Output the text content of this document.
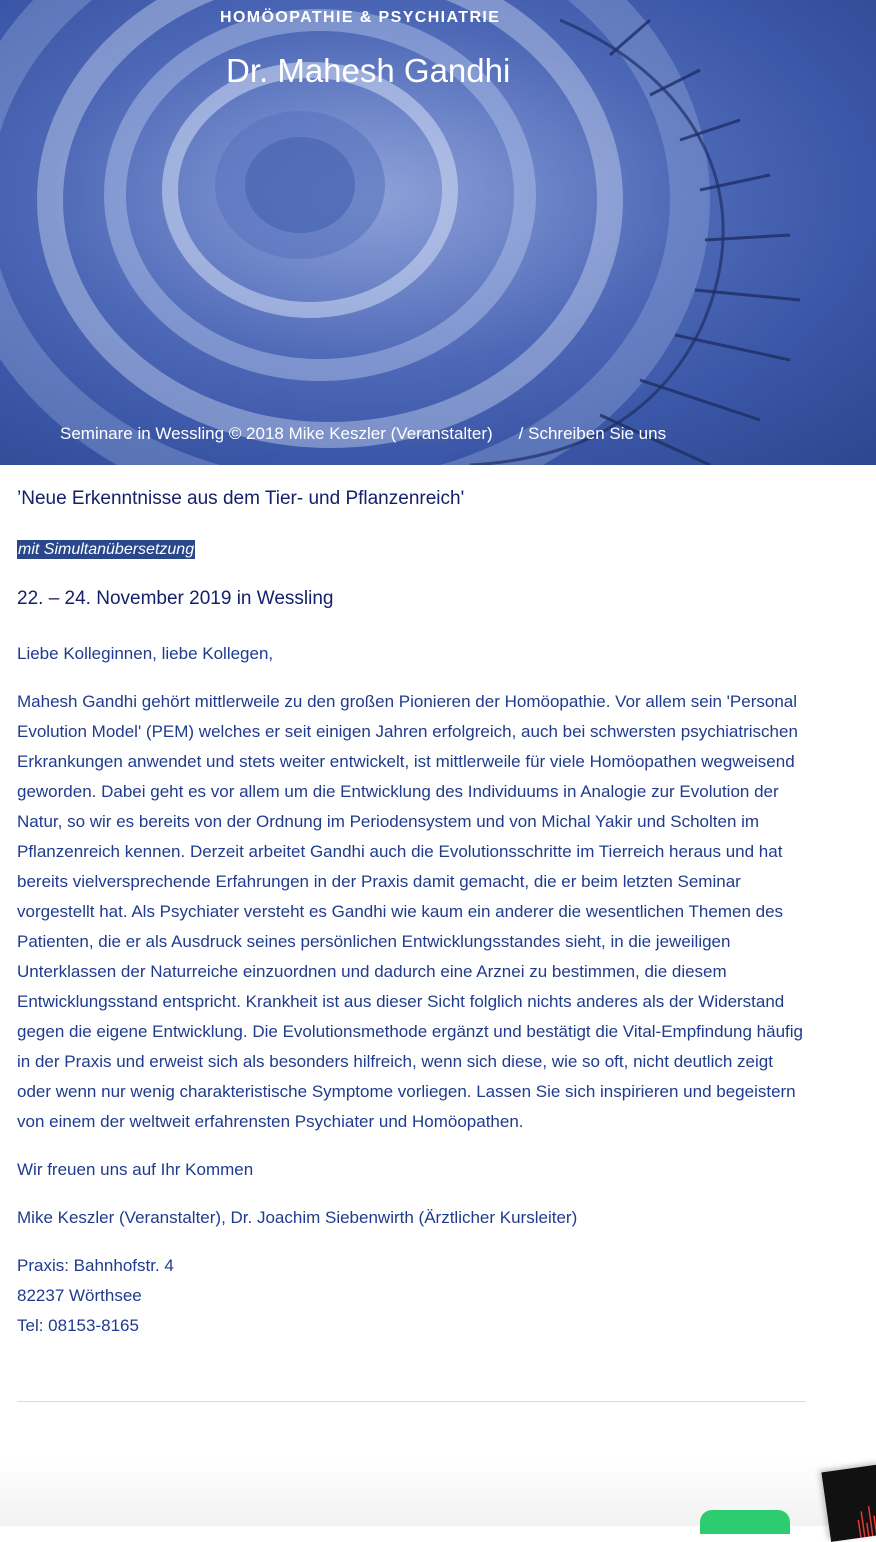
HOMÖOPATHIE & PSYCHIATRIE
Dr. Mahesh Gandhi
Seminare in Wessling © 2018 Mike Keszler (Veranstalter) / Schreiben Sie uns
’Neue Erkenntnisse aus dem Tier- und Pflanzenreich'
mit Simultanübersetzung
22. – 24. November 2019 in Wessling

Liebe Kolleginnen, liebe Kollegen,

Mahesh Gandhi gehört mittlerweile zu den großen Pionieren der Homöopathie. Vor allem sein 'Personal Evolution Model' (PEM) welches er seit einigen Jahren erfolgreich, auch bei schwersten psychiatrischen Erkrankungen anwendet und stets weiter entwickelt, ist mittlerweile für viele Homöopathen wegweisend geworden. Dabei geht es vor allem um die Entwicklung des Individuums in Analogie zur Evolution der Natur, so wir es bereits von der Ordnung im Periodensystem und von Michal Yakir und Scholten im Pflanzenreich kennen. Derzeit arbeitet Gandhi auch die Evolutionsschritte im Tierreich heraus und hat bereits vielversprechende Erfahrungen in der Praxis damit gemacht, die er beim letzten Seminar vorgestellt hat. Als Psychiater versteht es Gandhi wie kaum ein anderer die wesentlichen Themen des Patienten, die er als Ausdruck seines persönlichen Entwicklungsstandes sieht, in die jeweiligen Unterklassen der Naturreiche einzuordnen und dadurch eine Arznei zu bestimmen, die diesem Entwicklungsstand entspricht. Krankheit ist aus dieser Sicht folglich nichts anderes als der Widerstand gegen die eigene Entwicklung. Die Evolutionsmethode ergänzt und bestätigt die Vital-Empfindung häufig in der Praxis und erweist sich als besonders hilfreich, wenn sich diese, wie so oft, nicht deutlich zeigt oder wenn nur wenig charakteristische Symptome vorliegen. Lassen Sie sich inspirieren und begeistern von einem der weltweit erfahrensten Psychiater und Homöopathen.

Wir freuen uns auf Ihr Kommen

Mike Keszler (Veranstalter), Dr. Joachim Siebenwirth (Ärztlicher Kursleiter)

Praxis: Bahnhofstr. 4

82237 Wörthsee

Tel: 08153-8165
